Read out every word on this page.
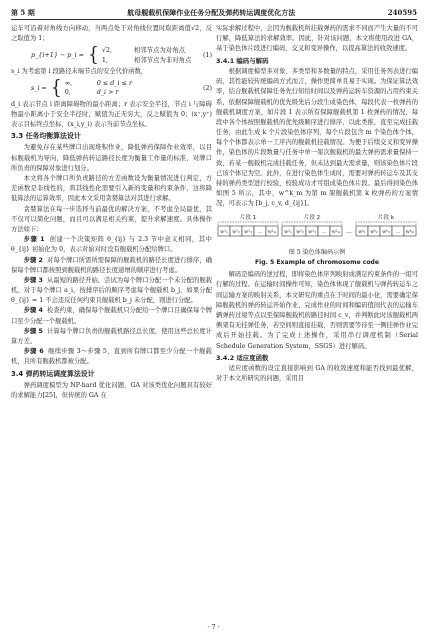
第 5 期	航母舰载机保障作业任务分配及弹药转运调度优化方法	240595

运车可沿着对角线方向移动，当两点处于对角线位置时取距离值√2，反之取值为 1；

p_{i+1} − p_i = { √2,	相邻节点为对角点
1,	相邻节点为非对角点
(1)

s_i 为考虑第 i 段路径末端节点的安全代价函数，

s_i = { ∞,	0 ≤ d_i ≤ r
0,	d_i > r
(2)

d_i 表示节点 i 距离障碍物的最小距离；r 表示安全半径，节点 i 与障碍物最小距离小于安全半径时，赋值为正无穷大，反之赋值为 0；(x⁺,y⁺) 表示目标终点坐标，(x_i,y_i) 表示当前节点坐标。

3.3 任务均衡算法设计

为避免存在某些牌口出现堆积作业，降低弹药保障作业效率，以目标舰载机为导向，降低弹药转运路径长度为衡量工作量的标准，对牌口所负责的保障对象进行划分。

本文将各个牌口所负责路径的方差函数设为衡量情况进行判定，方差函数是非线性的，将其线性化需要引入新的变量和约束条件，这将降低算法的运算效率，因此本文采用贪婪算法对其进行求解。

贪婪算法在每一步选择当前最优的解决方案，不考虑全局最优，其不仅可以简化问题，而且可以满足相关约束，提升求解速度。具体操作方法如下：

步骤 1 创建一个决策矩阵 θ_{ij} 与 2.3 节中意义相同，其中 θ_{ij} 初始化为 0，表示对始对时没有舰载机分配给牌口。

步骤 2 对每个牌口所需所需保障的舰载机的路径长度进行排序，确保每个牌口都按照到舰载机的路径长度递增的顺序进行考虑。

步骤 3 从最短的路径开始，尝试为每个牌口分配一个未分配的舰载机。对于每个牌口 a_i，按排序后的顺序考虑每个舰载机 b_j，如果分配 θ_{ij} = 1 不会违反任何约束且舰载机 b_j 未分配，则进行分配。

步骤 4 检查约束，确保每个舰载机只分配给一个牌口且确保每个牌口至少分配一个舰载机。

步骤 5 计算每个牌口负责的舰载机路径总长度，使用这些总长度计算方差。

步骤 6 继续步骤 3～步骤 5，直到所有牌口都至少分配一个舰载机，且所有舰载机都被分配。

3.4 弹药转运调度算法设计

弹药调度模型为 NP-hard 优化问题，GA 对该类优化问题具有较好的求解能力[25]，但传统的 GA 在

实际求解过程中，会因为舰载机所挂载弹药的需求不同而产生大量的不可行解，降低算法的求解效率。因此，针对该问题，本文将使用改进 GA，基于染色体片段进行编码、交叉和变异操作，以提高算法的收敛速度。

3.4.1 编码与解码

根据调度模型多对象、多类型和多数量的特点，采用任务列表进行编码，其性能较传统编码方式而言，操作更简单且易于实现。为保证算法效率，结合舰载机保障任务先行知给时间以及弹药运转车资源的占用约束关系，依据保障舰载机的优先级先后分段生成染色体，每段代表一枚弹药的舰载机调度方案，如片段 1 表示所有保障舰载机第 1 枚弹药的情况，每段中各个体按照舰载机的优先级顺序进行排序，以此类推，直至完成挂载任务，由此生成 k 个片段染色体序列，每个片段包含 m 个染色体个体，每个个体都表示单一工序内的舰载机挂载情况。为便于后续交叉和变异操作，染色体的片段数量与任务中单一架次舰载机的最大弹药需求量保持一致，若某一舰载机完成挂载任务，但未达到最大需求量，则该染色体片段已该个体记为空。此外，在进行染色体生成时，需要对弹药转运车及其支持的弹药类型进行校验，校验成功才可组成染色体片段。最后得到染色体如图 5 所示，其中，w^k_m 为第 m 架舰载机第 k 枚弹药的方案情况，可表示为 [b_j, c_v, d_{ij}]。

片段 1	片段 2	片段 k
w¹₁ w¹₂ w¹₃ … w¹ₘ w²₁ w²₂ w²₃ … w²ₘ … wᵏ₁ wᵏ₂ wᵏ₃ … wᵏₘ
图 5 染色体编码示例
Fig. 5 Example of chromosome code

解码是编码的逆过程，即将染色体序列映射成满足约束条件的一组可行解的过程。在运输时间操作可知，染色体体现了舰载机与弹药转运车之间运输方案的映射关系，本文研究的重点在于时间的最小化，需要确定保障舰载机的弹药转运开始作业、完成作业的时间和编码值间代表的运输车辆弹药过境等点以至保障舰载机的路径时间 c_v，并判断此时该舰载机两侧架有无挂弹任务，若空间则直接挂载，否则需要等待至一侧挂弹作业完成后开始挂载。为了完成上述操作，采用串行调度机制（Serial Schedule Generation System，SSGS）进行解码。

3.4.2 适应度函数

适应度函数的设定直接影响到 GA 的收敛速度和能否找到最优解，对于本文所研究的问题，采用目

· 7 ·
